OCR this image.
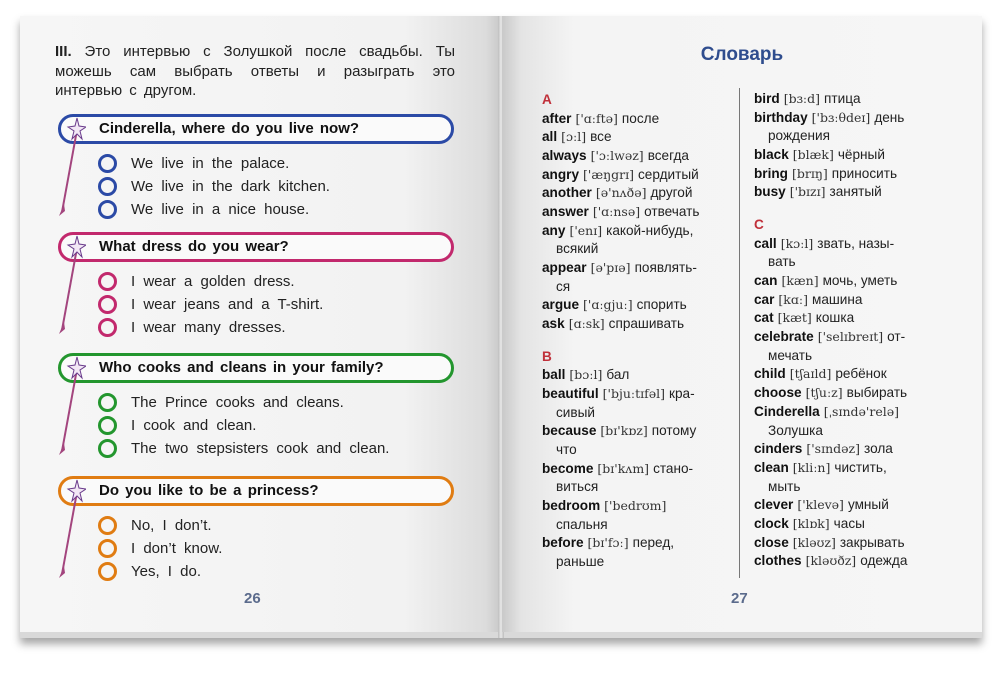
III. Это интервью с Золушкой после свадьбы. Ты можешь сам выбрать ответы и разыграть это интервью с другом.
Cinderella, where do you live now?
We live in the palace.
We live in the dark kitchen.
We live in a nice house.
What dress do you wear?
I wear a golden dress.
I wear jeans and a T-shirt.
I wear many dresses.
Who cooks and cleans in your family?
The Prince cooks and cleans.
I cook and clean.
The two stepsisters cook and clean.
Do you like to be a princess?
No, I don’t.
I don’t know.
Yes, I do.
26
Словарь
A
after ['ɑːftə] после
all [ɔːl] все
always ['ɔːlwəz] всегда
angry ['æŋgrɪ] сердитый
another [ə'nʌðə] другой
answer ['ɑːnsə] отвечать
any ['enɪ] какой-нибудь,
всякий
appear [ə'pɪə] появлять-
ся
argue ['ɑːgjuː] спорить
ask [ɑːsk] спрашивать
B
ball [bɔːl] бал
beautiful ['bjuːtɪfəl] кра-
сивый
because [bɪ'kɒz] потому
что
become [bɪ'kʌm] стано-
виться
bedroom ['bedrʊm]
спальня
before [bɪ'fɔː] перед,
раньше
bird [bɜːd] птица
birthday ['bɜːθdeɪ] день
рождения
black [blæk] чёрный
bring [brɪŋ] приносить
busy ['bɪzɪ] занятый
C
call [kɔːl] звать, назы-
вать
can [kæn] мочь, уметь
car [kɑː] машина
cat [kæt] кошка
celebrate ['selɪbreɪt] от-
мечать
child [tʃaɪld] ребёнок
choose [tʃuːz] выбирать
Cinderella [ˌsɪndə'relə]
Золушка
cinders ['sɪndəz] зола
clean [kliːn] чистить,
мыть
clever ['klevə] умный
clock [klɒk] часы
close [kləʊz] закрывать
clothes [kləʊðz] одежда
27
